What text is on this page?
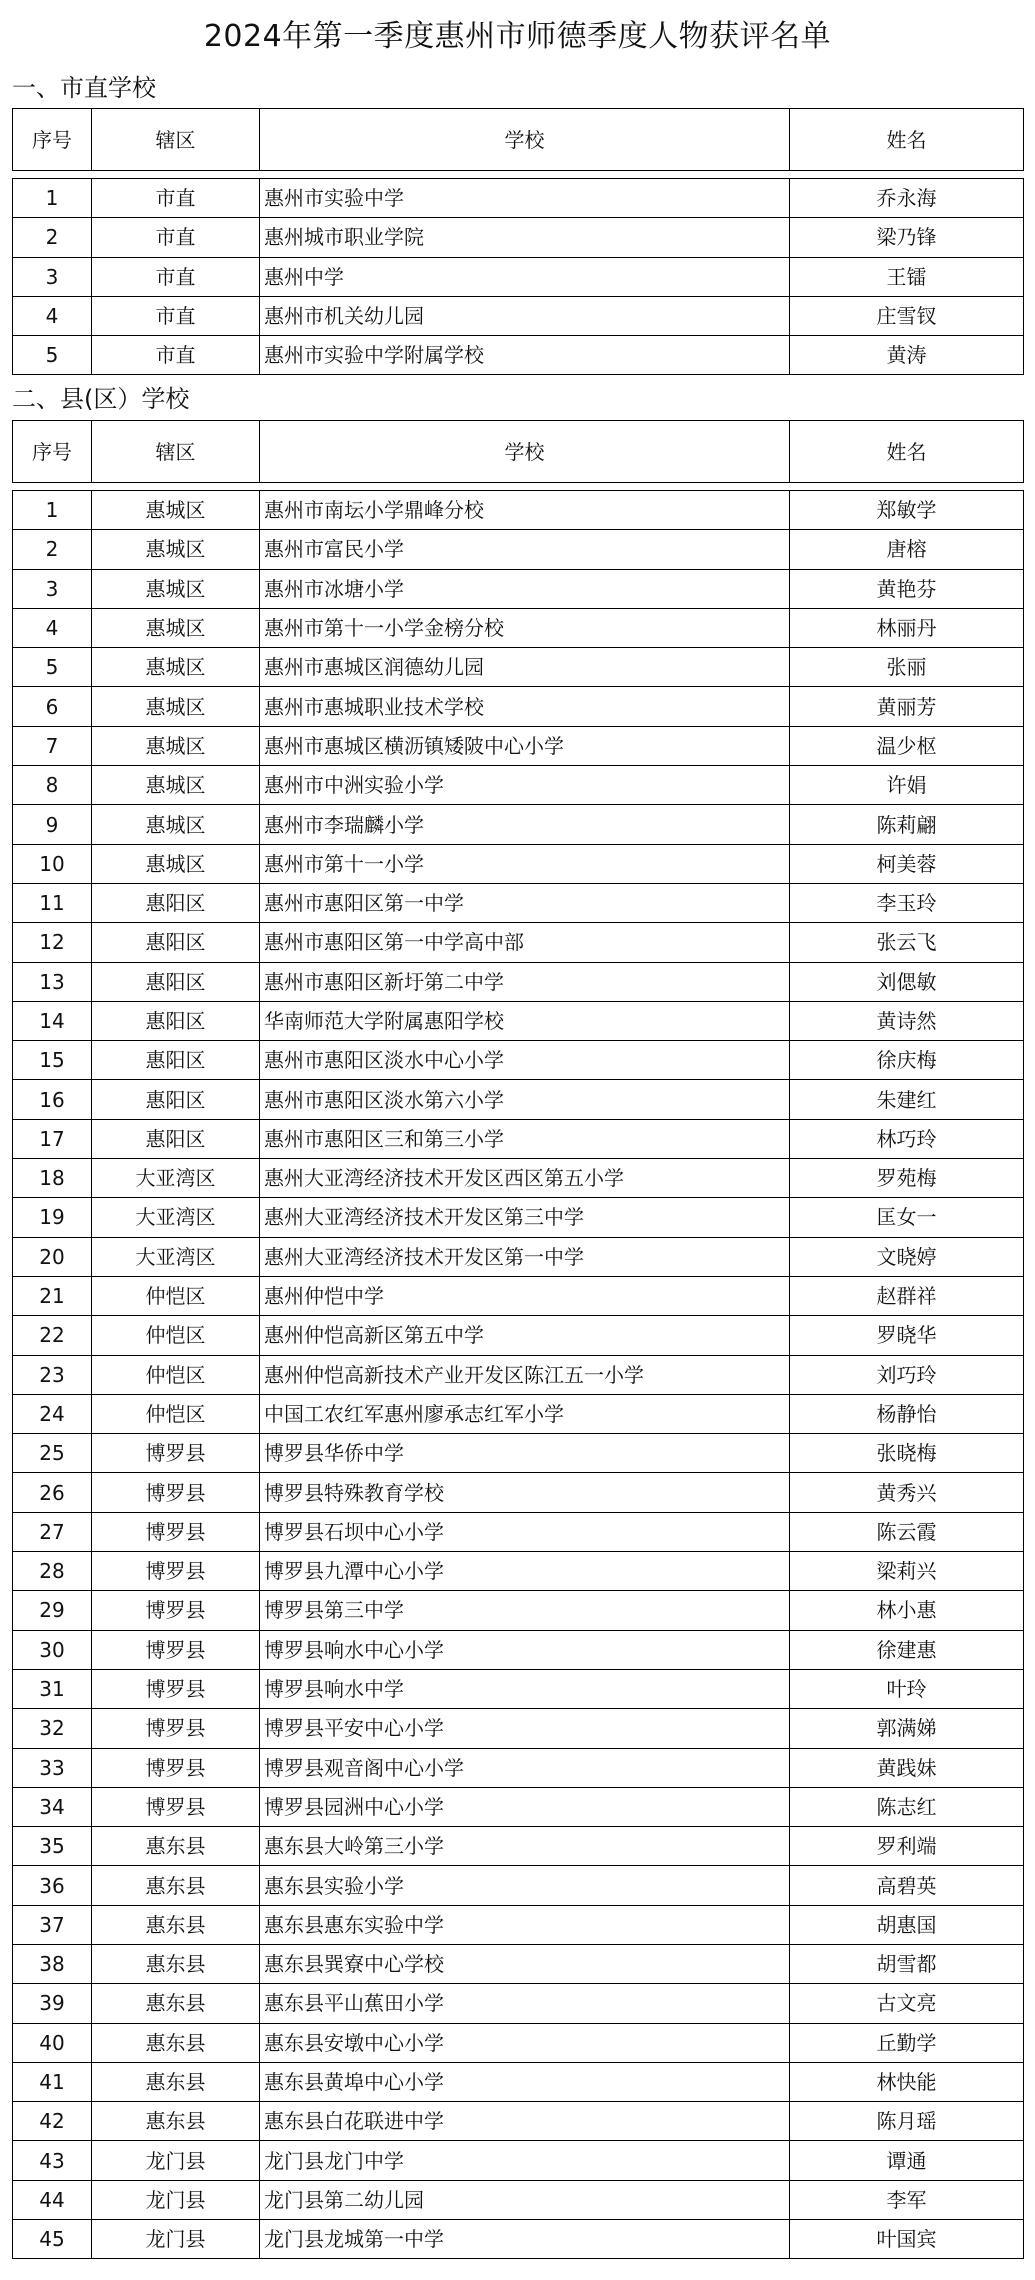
2024年第一季度惠州市师德季度人物获评名单
一、市直学校
序号	辖区	学校	姓名

1	市直	惠州市实验中学	乔永海
2	市直	惠州城市职业学院	梁乃锋
3	市直	惠州中学	王镭
4	市直	惠州市机关幼儿园	庄雪钗
5	市直	惠州市实验中学附属学校	黄涛
二、县(区）学校
序号	辖区	学校	姓名

1	惠城区	惠州市南坛小学鼎峰分校	郑敏学
2	惠城区	惠州市富民小学	唐榕
3	惠城区	惠州市冰塘小学	黄艳芬
4	惠城区	惠州市第十一小学金榜分校	林丽丹
5	惠城区	惠州市惠城区润德幼儿园	张丽
6	惠城区	惠州市惠城职业技术学校	黄丽芳
7	惠城区	惠州市惠城区横沥镇矮陂中心小学	温少枢
8	惠城区	惠州市中洲实验小学	许娟
9	惠城区	惠州市李瑞麟小学	陈莉翩
10	惠城区	惠州市第十一小学	柯美蓉
11	惠阳区	惠州市惠阳区第一中学	李玉玲
12	惠阳区	惠州市惠阳区第一中学高中部	张云飞
13	惠阳区	惠州市惠阳区新圩第二中学	刘偲敏
14	惠阳区	华南师范大学附属惠阳学校	黄诗然
15	惠阳区	惠州市惠阳区淡水中心小学	徐庆梅
16	惠阳区	惠州市惠阳区淡水第六小学	朱建红
17	惠阳区	惠州市惠阳区三和第三小学	林巧玲
18	大亚湾区	惠州大亚湾经济技术开发区西区第五小学	罗苑梅
19	大亚湾区	惠州大亚湾经济技术开发区第三中学	匡女一
20	大亚湾区	惠州大亚湾经济技术开发区第一中学	文晓婷
21	仲恺区	惠州仲恺中学	赵群祥
22	仲恺区	惠州仲恺高新区第五中学	罗晓华
23	仲恺区	惠州仲恺高新技术产业开发区陈江五一小学	刘巧玲
24	仲恺区	中国工农红军惠州廖承志红军小学	杨静怡
25	博罗县	博罗县华侨中学	张晓梅
26	博罗县	博罗县特殊教育学校	黄秀兴
27	博罗县	博罗县石坝中心小学	陈云霞
28	博罗县	博罗县九潭中心小学	梁莉兴
29	博罗县	博罗县第三中学	林小惠
30	博罗县	博罗县响水中心小学	徐建惠
31	博罗县	博罗县响水中学	叶玲
32	博罗县	博罗县平安中心小学	郭满娣
33	博罗县	博罗县观音阁中心小学	黄践妹
34	博罗县	博罗县园洲中心小学	陈志红
35	惠东县	惠东县大岭第三小学	罗利端
36	惠东县	惠东县实验小学	高碧英
37	惠东县	惠东县惠东实验中学	胡惠国
38	惠东县	惠东县巽寮中心学校	胡雪都
39	惠东县	惠东县平山蕉田小学	古文亮
40	惠东县	惠东县安墩中心小学	丘勤学
41	惠东县	惠东县黄埠中心小学	林快能
42	惠东县	惠东县白花联进中学	陈月瑶
43	龙门县	龙门县龙门中学	谭通
44	龙门县	龙门县第二幼儿园	李军
45	龙门县	龙门县龙城第一中学	叶国宾
